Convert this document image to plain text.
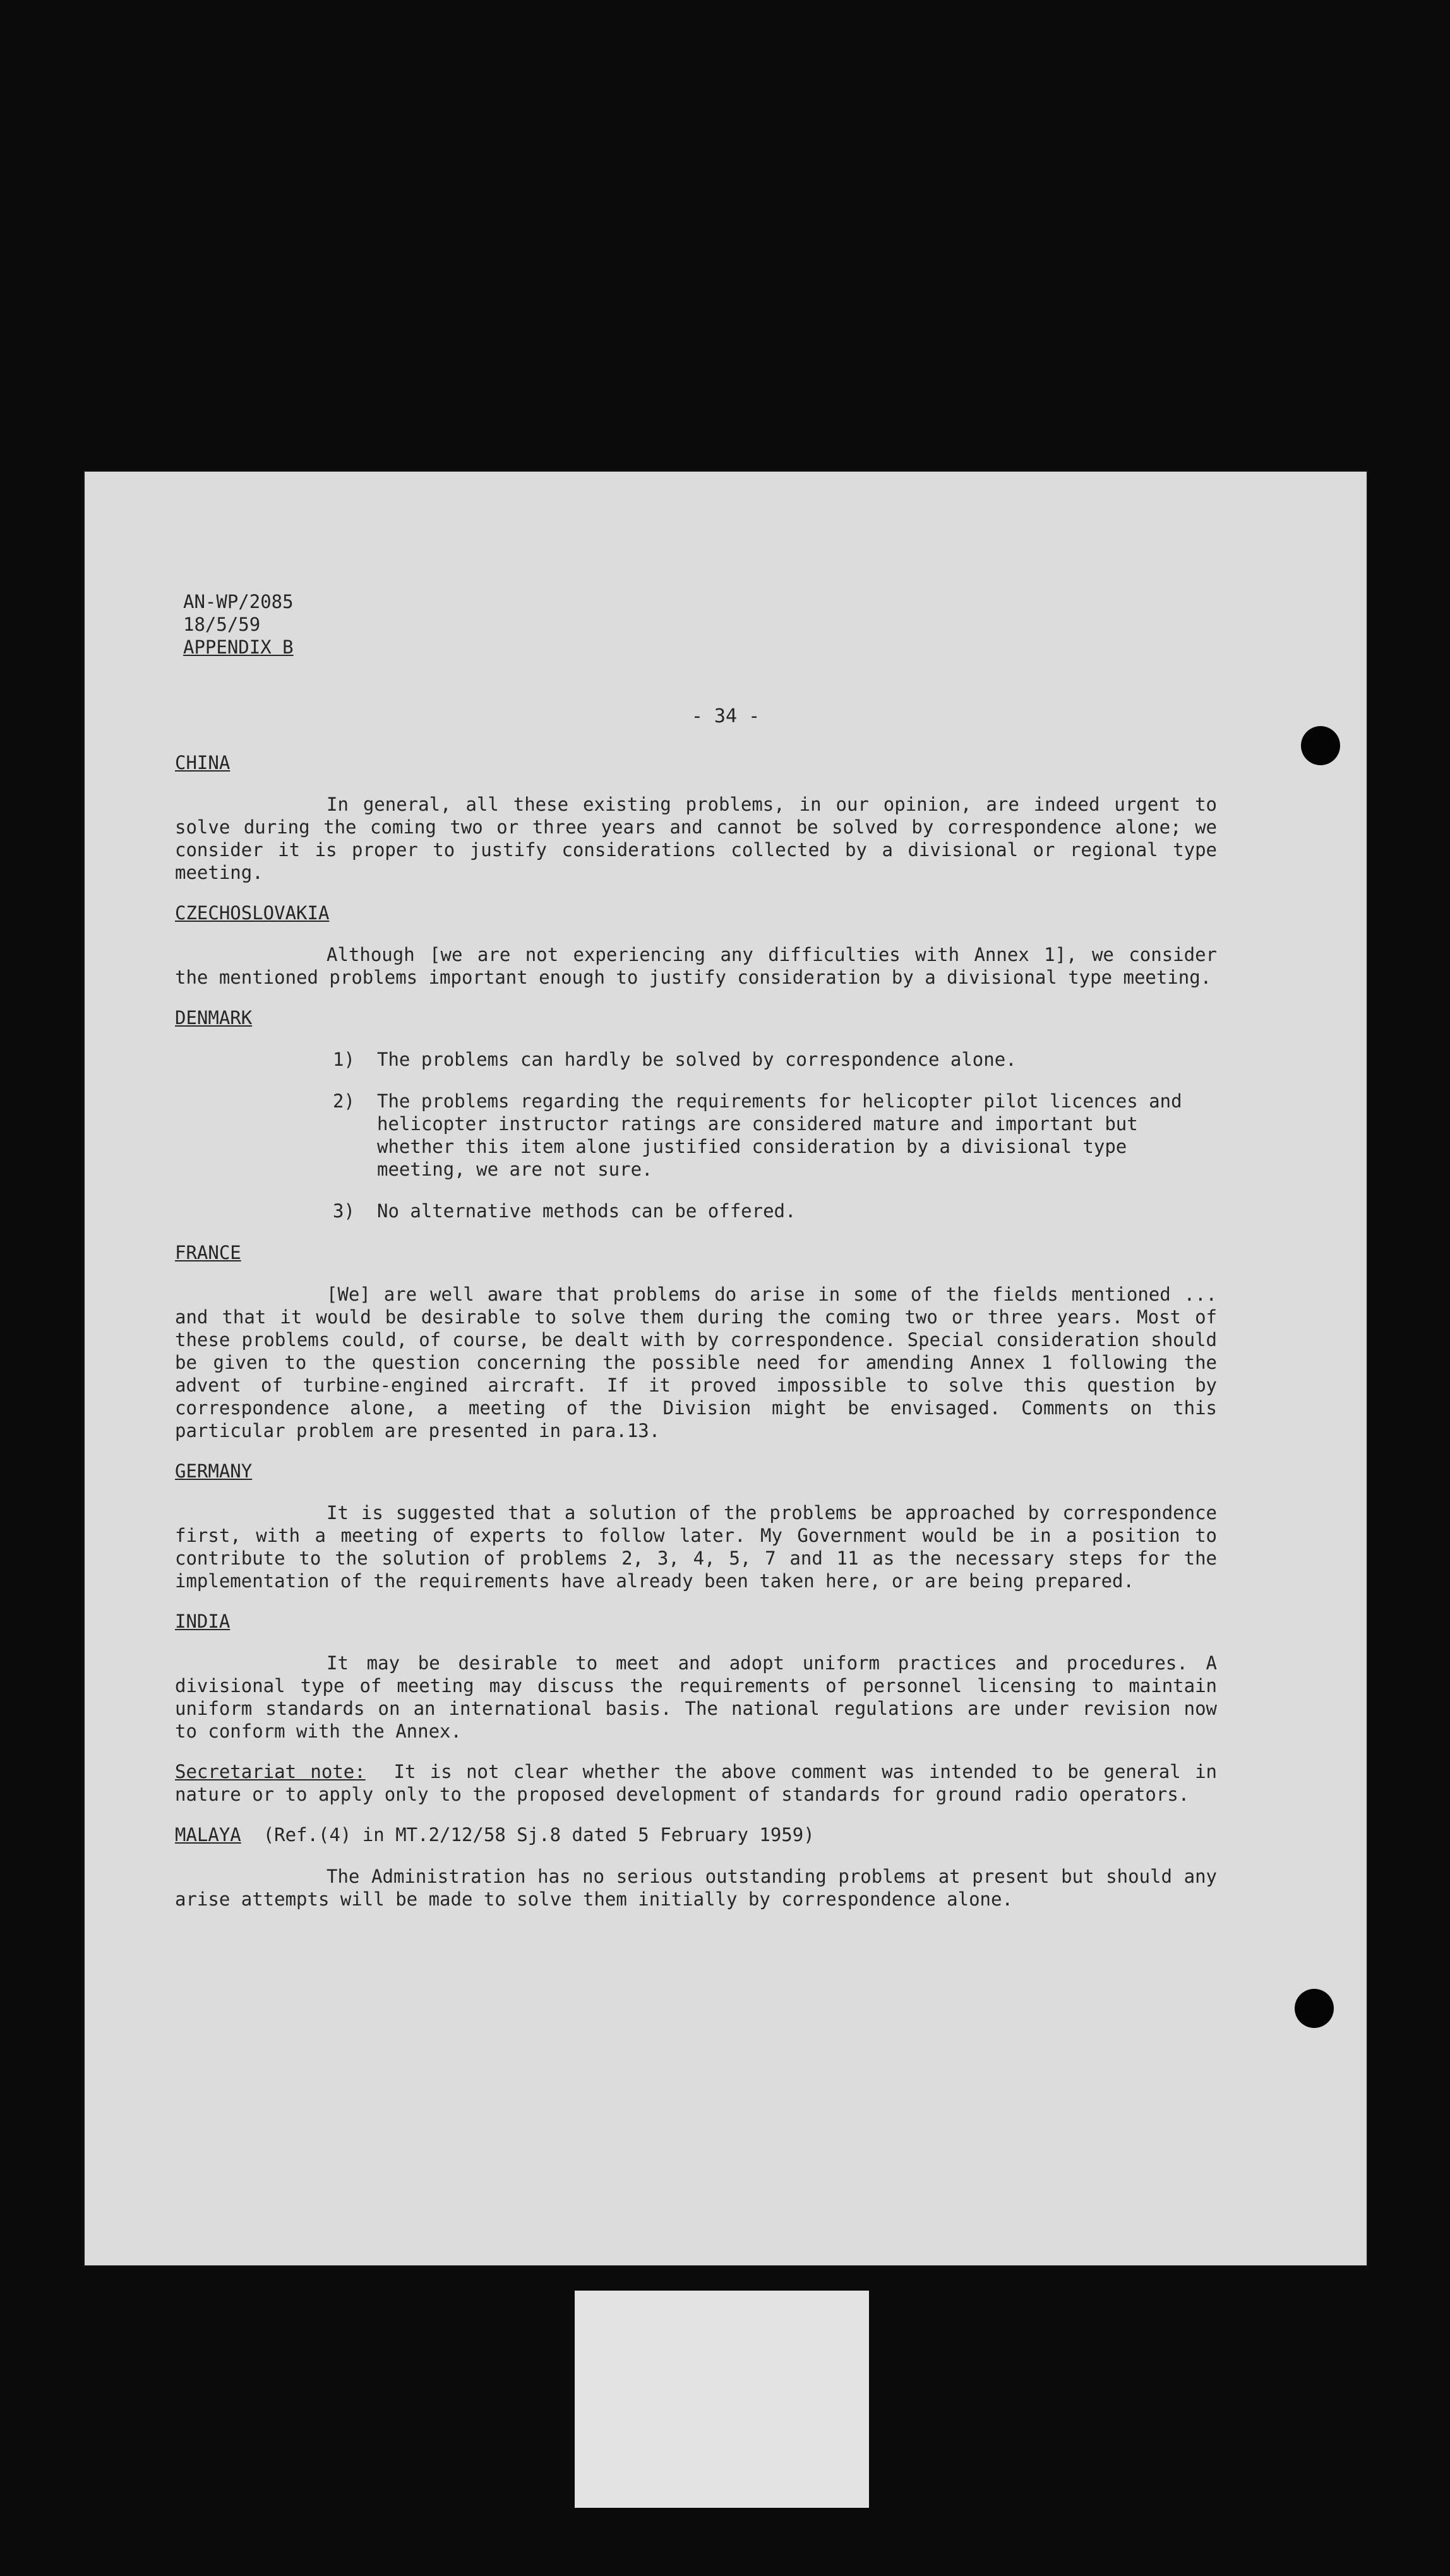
AN-WP/2085
18/5/59
APPENDIX B
- 34 -
CHINA

In general, all these existing problems, in our opinion, are indeed urgent to solve during the coming two or three years and cannot be solved by correspondence alone; we consider it is proper to justify considerations collected by a divisional or regional type meeting.

CZECHOSLOVAKIA

Although [we are not experiencing any difficulties with Annex 1], we consider the mentioned problems important enough to justify consideration by a divisional type meeting.

DENMARK
1) The problems can hardly be solved by correspondence alone.
2) The problems regarding the requirements for helicopter pilot licences and helicopter instructor ratings are considered mature and important but whether this item alone justified consideration by a divisional type meeting, we are not sure.
3) No alternative methods can be offered.
FRANCE

[We] are well aware that problems do arise in some of the fields mentioned ... and that it would be desirable to solve them during the coming two or three years. Most of these problems could, of course, be dealt with by correspondence. Special consideration should be given to the question concerning the possible need for amending Annex 1 following the advent of turbine-engined aircraft. If it proved impossible to solve this question by correspondence alone, a meeting of the Division might be envisaged. Comments on this particular problem are presented in para.13.

GERMANY

It is suggested that a solution of the problems be approached by correspondence first, with a meeting of experts to follow later. My Government would be in a position to contribute to the solution of problems 2, 3, 4, 5, 7 and 11 as the necessary steps for the implementation of the requirements have already been taken here, or are being prepared.

INDIA

It may be desirable to meet and adopt uniform practices and procedures. A divisional type of meeting may discuss the requirements of personnel licensing to maintain uniform standards on an international basis. The national regulations are under revision now to conform with the Annex.

Secretariat note: It is not clear whether the above comment was intended to be general in nature or to apply only to the proposed development of standards for ground radio operators.

MALAYA (Ref.(4) in MT.2/12/58 Sj.8 dated 5 February 1959)

The Administration has no serious outstanding problems at present but should any arise attempts will be made to solve them initially by correspondence alone.
